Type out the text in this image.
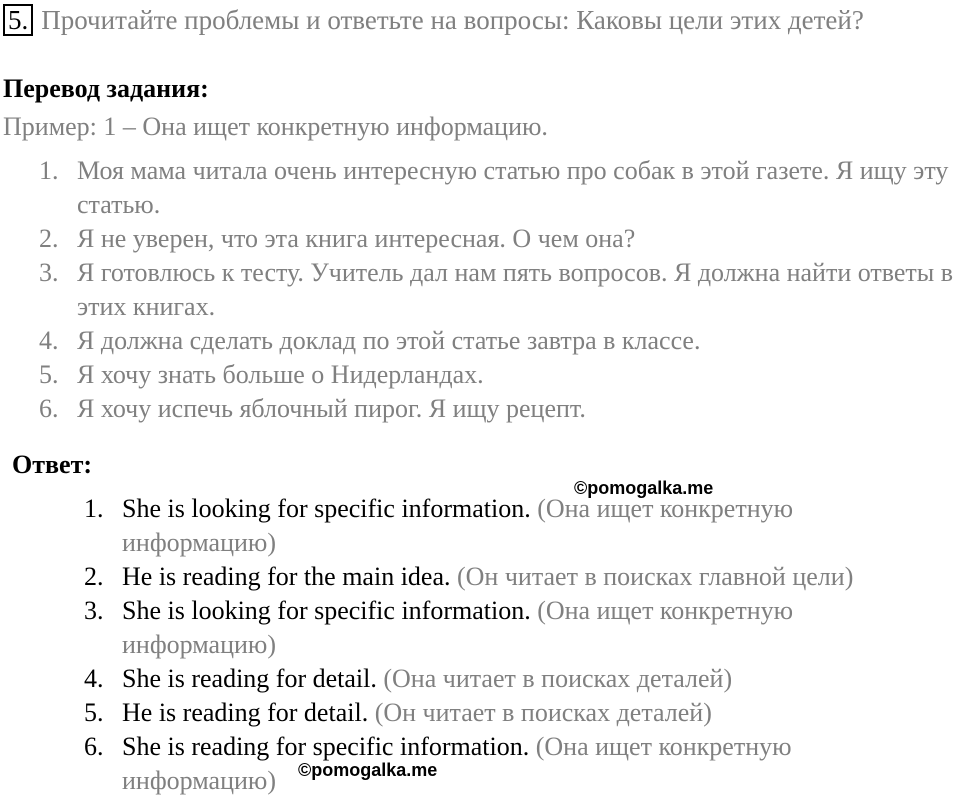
5. Прочитайте проблемы и ответьте на вопросы: Каковы цели этих детей?
Перевод задания:
Пример: 1 – Она ищет конкретную информацию.
1. Моя мама читала очень интересную статью про собак в этой газете. Я ищу эту статью.
2. Я не уверен, что эта книга интересная. О чем она?
3. Я готовлюсь к тесту. Учитель дал нам пять вопросов. Я должна найти ответы в этих книгах.
4. Я должна сделать доклад по этой статье завтра в классе.
5. Я хочу знать больше о Нидерландах.
6. Я хочу испечь яблочный пирог. Я ищу рецепт.
Ответ:
©pomogalka.me
1. She is looking for specific information. (Она ищет конкретную информацию)
2. He is reading for the main idea. (Он читает в поисках главной цели)
3. She is looking for specific information. (Она ищет конкретную информацию)
4. She is reading for detail. (Она читает в поисках деталей)
5. He is reading for detail. (Он читает в поисках деталей)
6. She is reading for specific information. (Она ищет конкретную информацию)	©pomogalka.me
